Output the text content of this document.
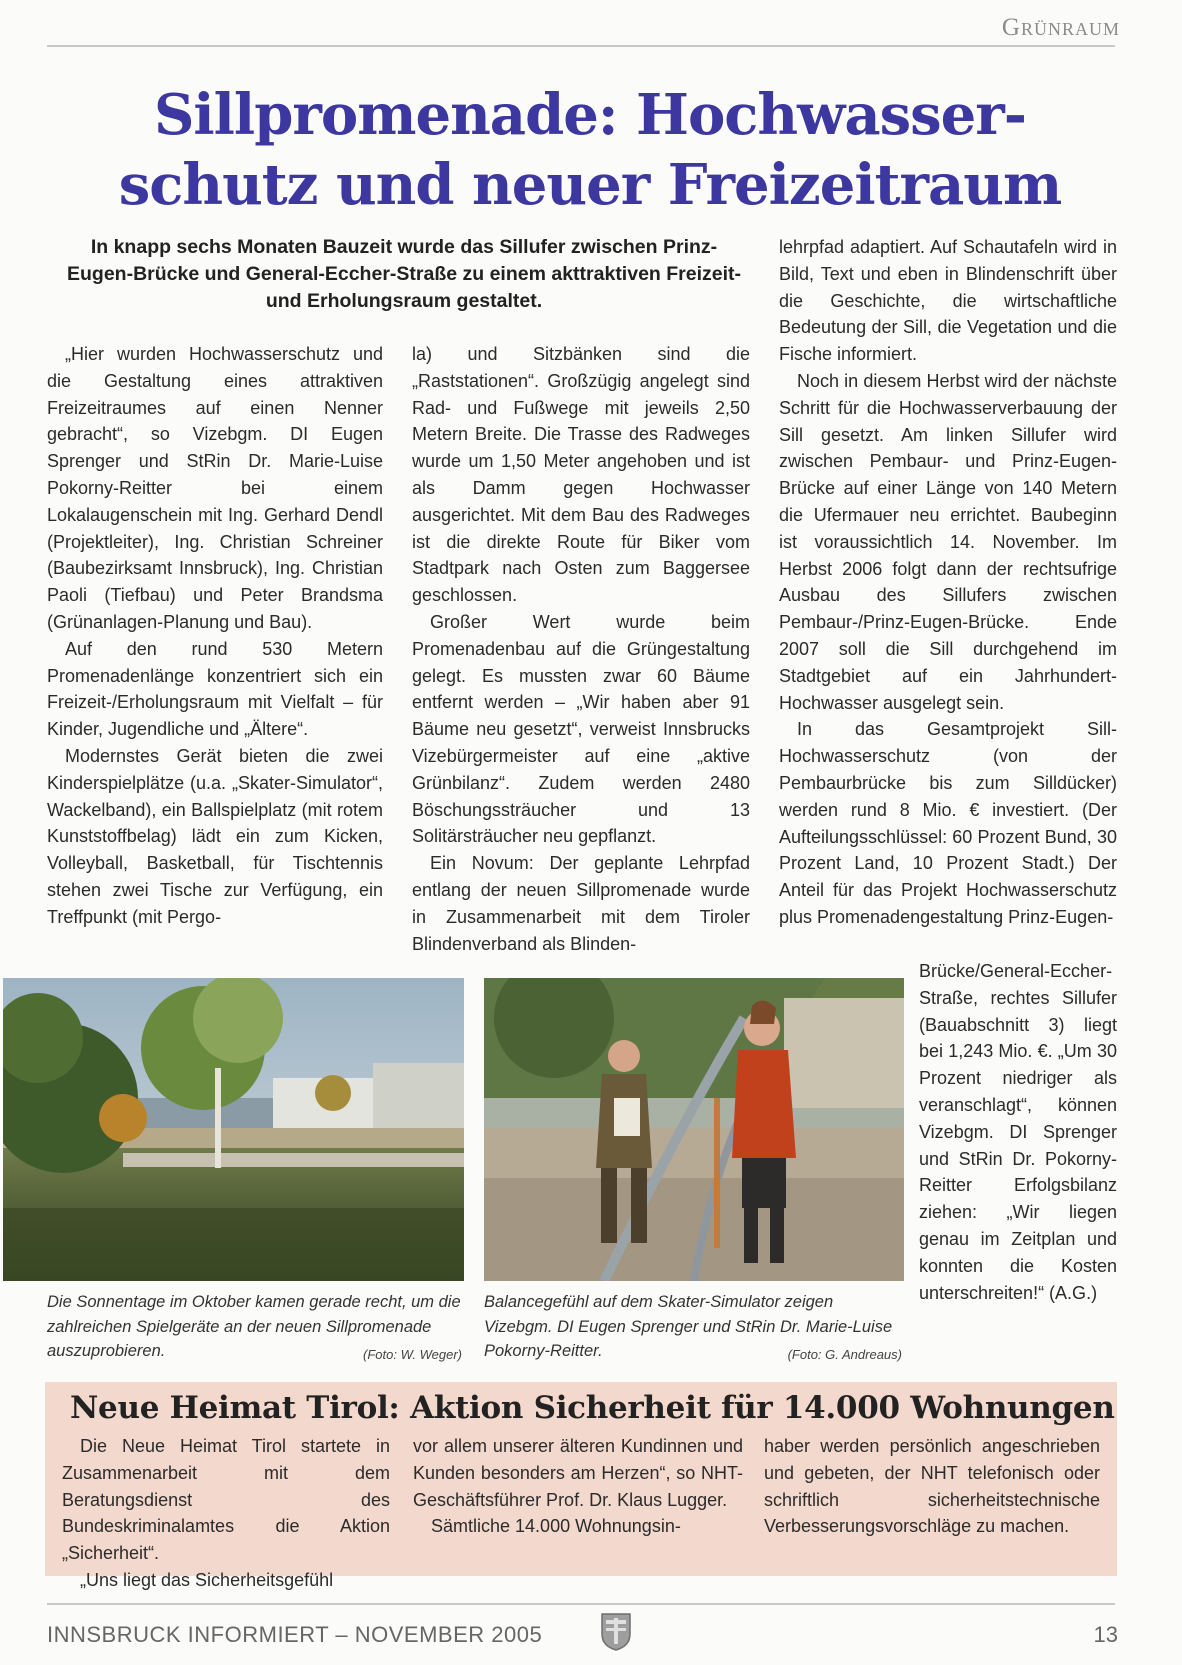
Grünraum
Sillpromenade: Hochwasser-
schutz und neuer Freizeitraum
In knapp sechs Monaten Bauzeit wurde das Sillufer zwischen Prinz-Eugen-Brücke und General-Eccher-Straße zu einem akttraktiven Freizeit- und Erholungsraum gestaltet.

„Hier wurden Hochwasserschutz und die Gestaltung eines attraktiven Freizeitraumes auf einen Nenner gebracht“, so Vizebgm. DI Eugen Sprenger und StRin Dr. Marie-Luise Pokorny-Reitter bei einem Lokalaugenschein mit Ing. Gerhard Dendl (Projektleiter), Ing. Christian Schreiner (Baubezirksamt Innsbruck), Ing. Christian Paoli (Tiefbau) und Peter Brandsma (Grünanlagen-Planung und Bau).

Auf den rund 530 Metern Promenadenlänge konzentriert sich ein Freizeit-/Erholungsraum mit Vielfalt – für Kinder, Jugendliche und „Ältere“.

Modernstes Gerät bieten die zwei Kinderspielplätze (u.a. „Skater-Simulator“, Wackelband), ein Ballspielplatz (mit rotem Kunststoffbelag) lädt ein zum Kicken, Volleyball, Basketball, für Tischtennis stehen zwei Tische zur Verfügung, ein Treffpunkt (mit Pergo-

la) und Sitzbänken sind die „Raststationen“. Großzügig angelegt sind Rad- und Fußwege mit jeweils 2,50 Metern Breite. Die Trasse des Radweges wurde um 1,50 Meter angehoben und ist als Damm gegen Hochwasser ausgerichtet. Mit dem Bau des Radweges ist die direkte Route für Biker vom Stadtpark nach Osten zum Baggersee geschlossen.

Großer Wert wurde beim Promenadenbau auf die Grüngestaltung gelegt. Es mussten zwar 60 Bäume entfernt werden – „Wir haben aber 91 Bäume neu gesetzt“, verweist Innsbrucks Vizebürgermeister auf eine „aktive Grünbilanz“. Zudem werden 2480 Böschungssträucher und 13 Solitärsträucher neu gepflanzt.

Ein Novum: Der geplante Lehrpfad entlang der neuen Sillpromenade wurde in Zusammenarbeit mit dem Tiroler Blindenverband als Blinden-

lehrpfad adaptiert. Auf Schautafeln wird in Bild, Text und eben in Blindenschrift über die Geschichte, die wirtschaftliche Bedeutung der Sill, die Vegetation und die Fische informiert.

Noch in diesem Herbst wird der nächste Schritt für die Hochwasserverbauung der Sill gesetzt. Am linken Sillufer wird zwischen Pembaur- und Prinz-Eugen-Brücke auf einer Länge von 140 Metern die Ufermauer neu errichtet. Baubeginn ist voraussichtlich 14. November. Im Herbst 2006 folgt dann der rechtsufrige Ausbau des Sillufers zwischen Pembaur-/Prinz-Eugen-Brücke. Ende 2007 soll die Sill durchgehend im Stadtgebiet auf ein Jahrhundert-Hochwasser ausgelegt sein.

In das Gesamtprojekt Sill-Hochwasserschutz (von der Pembaurbrücke bis zum Silldücker) werden rund 8 Mio. € investiert. (Der Aufteilungsschlüssel: 60 Prozent Bund, 30 Prozent Land, 10 Prozent Stadt.) Der Anteil für das Projekt Hochwasserschutz plus Promenadengestaltung Prinz-Eugen-

Brücke/General-Eccher-Straße, rechtes Sillufer (Bauabschnitt 3) liegt bei 1,243 Mio. €. „Um 30 Prozent niedriger als veranschlagt“, können Vizebgm. DI Sprenger und StRin Dr. Pokorny-Reitter Erfolgsbilanz ziehen: „Wir liegen genau im Zeitplan und konnten die Kosten unterschreiten!“ (A.G.)

Die Sonnentage im Oktober kamen gerade recht, um die zahlreichen Spielgeräte an der neuen Sillpromenade auszuprobieren.	(Foto: W. Weger)
Balancegefühl auf dem Skater-Simulator zeigen Vizebgm. DI Eugen Sprenger und StRin Dr. Marie-Luise Pokorny-Reitter.	(Foto: G. Andreaus)
Neue Heimat Tirol: Aktion Sicherheit für 14.000 Wohnungen

Die Neue Heimat Tirol startete in Zusammenarbeit mit dem Beratungsdienst des Bundeskriminalamtes die Aktion „Sicherheit“.

„Uns liegt das Sicherheitsgefühl

vor allem unserer älteren Kundinnen und Kunden besonders am Herzen“, so NHT-Geschäftsführer Prof. Dr. Klaus Lugger.

Sämtliche 14.000 Wohnungsin-

haber werden persönlich angeschrieben und gebeten, der NHT telefonisch oder schriftlich sicherheitstechnische Verbesserungsvorschläge zu machen.

INNSBRUCK INFORMIERT – NOVEMBER 2005	13
